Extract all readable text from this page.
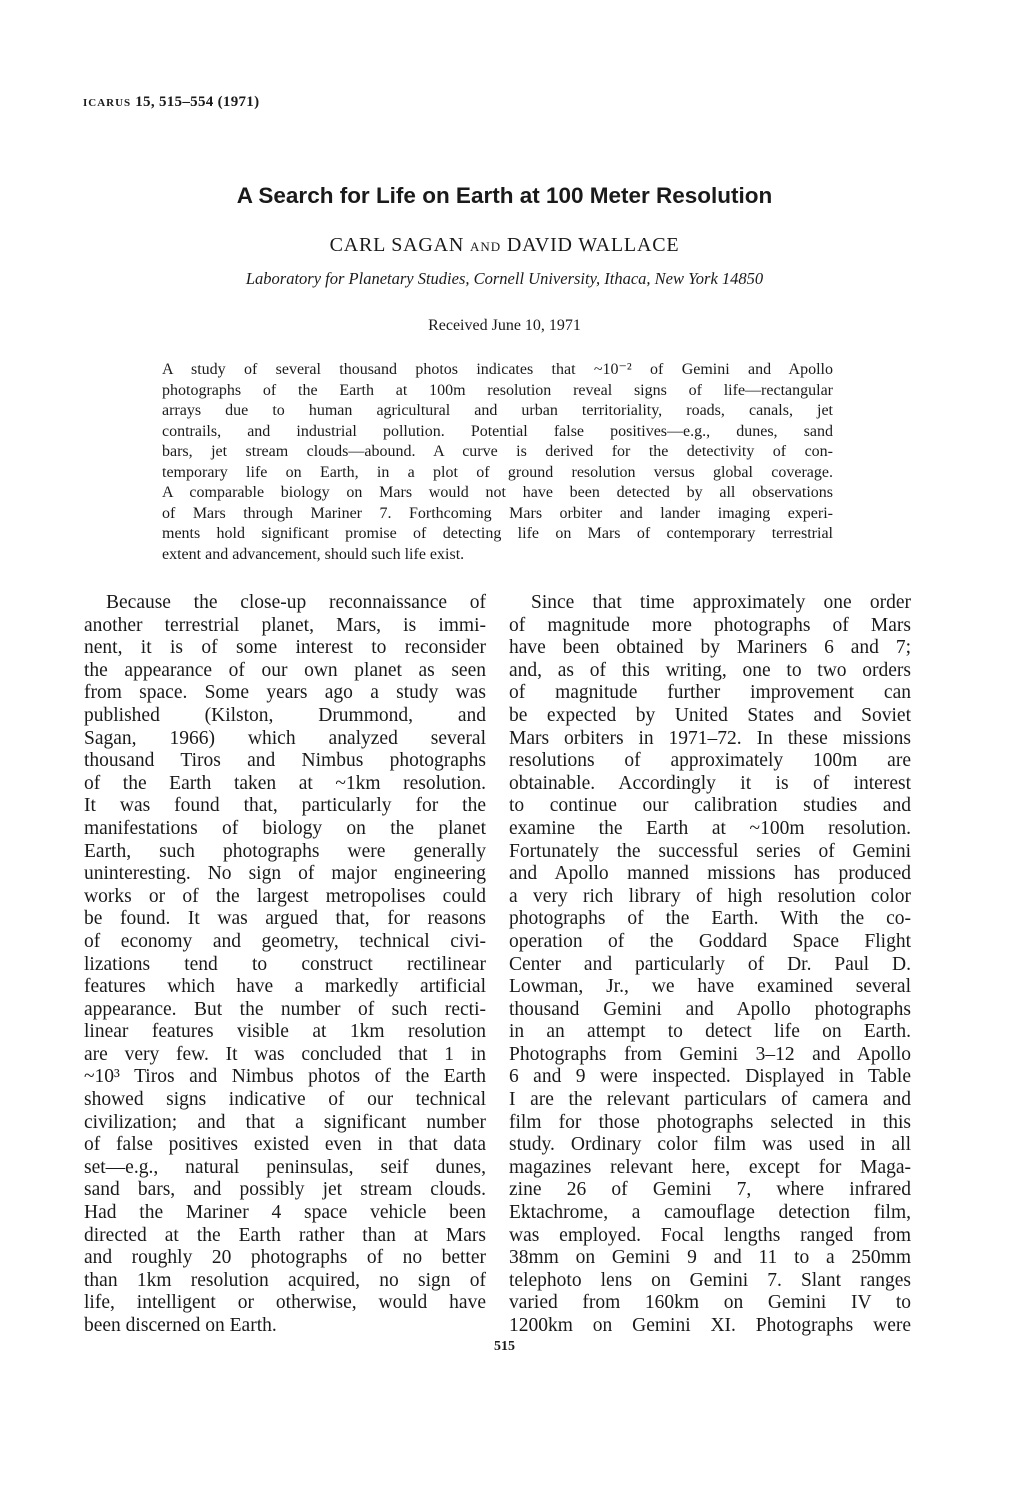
ICARUS 15, 515–554 (1971)
A Search for Life on Earth at 100 Meter Resolution
CARL SAGAN AND DAVID WALLACE
Laboratory for Planetary Studies, Cornell University, Ithaca, New York 14850
Received June 10, 1971
A study of several thousand photos indicates that ~10⁻² of Gemini and Apollo
photographs of the Earth at 100m resolution reveal signs of life—rectangular
arrays due to human agricultural and urban territoriality, roads, canals, jet
contrails, and industrial pollution. Potential false positives—e.g., dunes, sand
bars, jet stream clouds—abound. A curve is derived for the detectivity of con-
temporary life on Earth, in a plot of ground resolution versus global coverage.
A comparable biology on Mars would not have been detected by all observations
of Mars through Mariner 7. Forthcoming Mars orbiter and lander imaging experi-
ments hold significant promise of detecting life on Mars of contemporary terrestrial
extent and advancement, should such life exist.
Because the close-up reconnaissance of
another terrestrial planet, Mars, is immi-
nent, it is of some interest to reconsider
the appearance of our own planet as seen
from space. Some years ago a study was
published (Kilston, Drummond, and
Sagan, 1966) which analyzed several
thousand Tiros and Nimbus photographs
of the Earth taken at ~1km resolution.
It was found that, particularly for the
manifestations of biology on the planet
Earth, such photographs were generally
uninteresting. No sign of major engineering
works or of the largest metropolises could
be found. It was argued that, for reasons
of economy and geometry, technical civi-
lizations tend to construct rectilinear
features which have a markedly artificial
appearance. But the number of such recti-
linear features visible at 1km resolution
are very few. It was concluded that 1 in
~10³ Tiros and Nimbus photos of the Earth
showed signs indicative of our technical
civilization; and that a significant number
of false positives existed even in that data
set—e.g., natural peninsulas, seif dunes,
sand bars, and possibly jet stream clouds.
Had the Mariner 4 space vehicle been
directed at the Earth rather than at Mars
and roughly 20 photographs of no better
than 1km resolution acquired, no sign of
life, intelligent or otherwise, would have
been discerned on Earth.
Since that time approximately one order
of magnitude more photographs of Mars
have been obtained by Mariners 6 and 7;
and, as of this writing, one to two orders
of magnitude further improvement can
be expected by United States and Soviet
Mars orbiters in 1971–72. In these missions
resolutions of approximately 100m are
obtainable. Accordingly it is of interest
to continue our calibration studies and
examine the Earth at ~100m resolution.
Fortunately the successful series of Gemini
and Apollo manned missions has produced
a very rich library of high resolution color
photographs of the Earth. With the co-
operation of the Goddard Space Flight
Center and particularly of Dr. Paul D.
Lowman, Jr., we have examined several
thousand Gemini and Apollo photographs
in an attempt to detect life on Earth.
Photographs from Gemini 3–12 and Apollo
6 and 9 were inspected. Displayed in Table
I are the relevant particulars of camera and
film for those photographs selected in this
study. Ordinary color film was used in all
magazines relevant here, except for Maga-
zine 26 of Gemini 7, where infrared
Ektachrome, a camouflage detection film,
was employed. Focal lengths ranged from
38mm on Gemini 9 and 11 to a 250mm
telephoto lens on Gemini 7. Slant ranges
varied from 160km on Gemini IV to
1200km on Gemini XI. Photographs were
515
